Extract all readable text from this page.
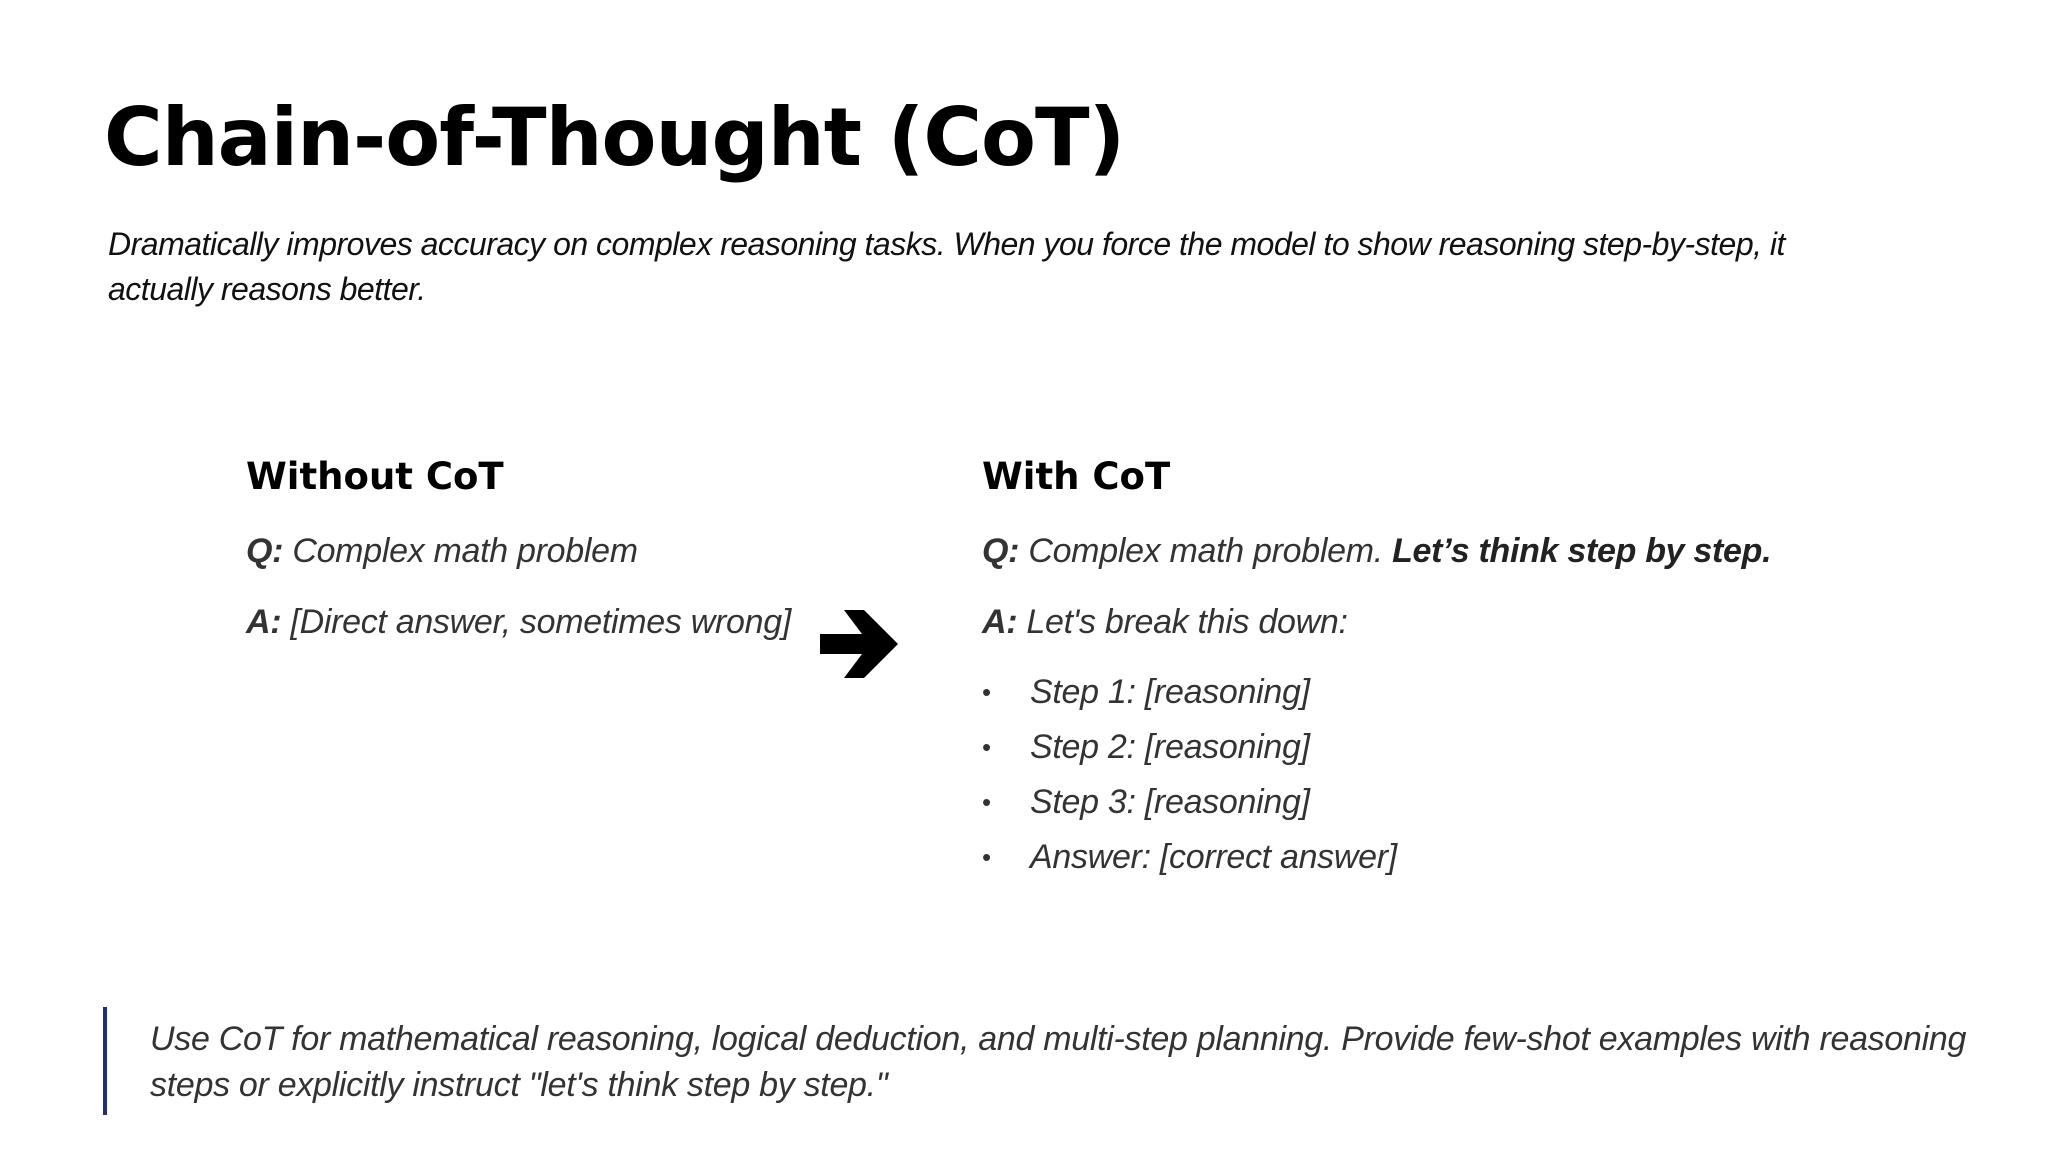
Chain-of-Thought (CoT)

Dramatically improves accuracy on complex reasoning tasks. When you force the model to show reasoning step-by-step, it actually reasons better.

Without CoT

Q: Complex math problem

A: [Direct answer, sometimes wrong]

With CoT

Q: Complex math problem. Let’s think step by step.

A: Let's break this down:

• Step 1: [reasoning]
• Step 2: [reasoning]
• Step 3: [reasoning]
• Answer: [correct answer]

Use CoT for mathematical reasoning, logical deduction, and multi-step planning. Provide few-shot examples with reasoning steps or explicitly instruct "let's think step by step."
